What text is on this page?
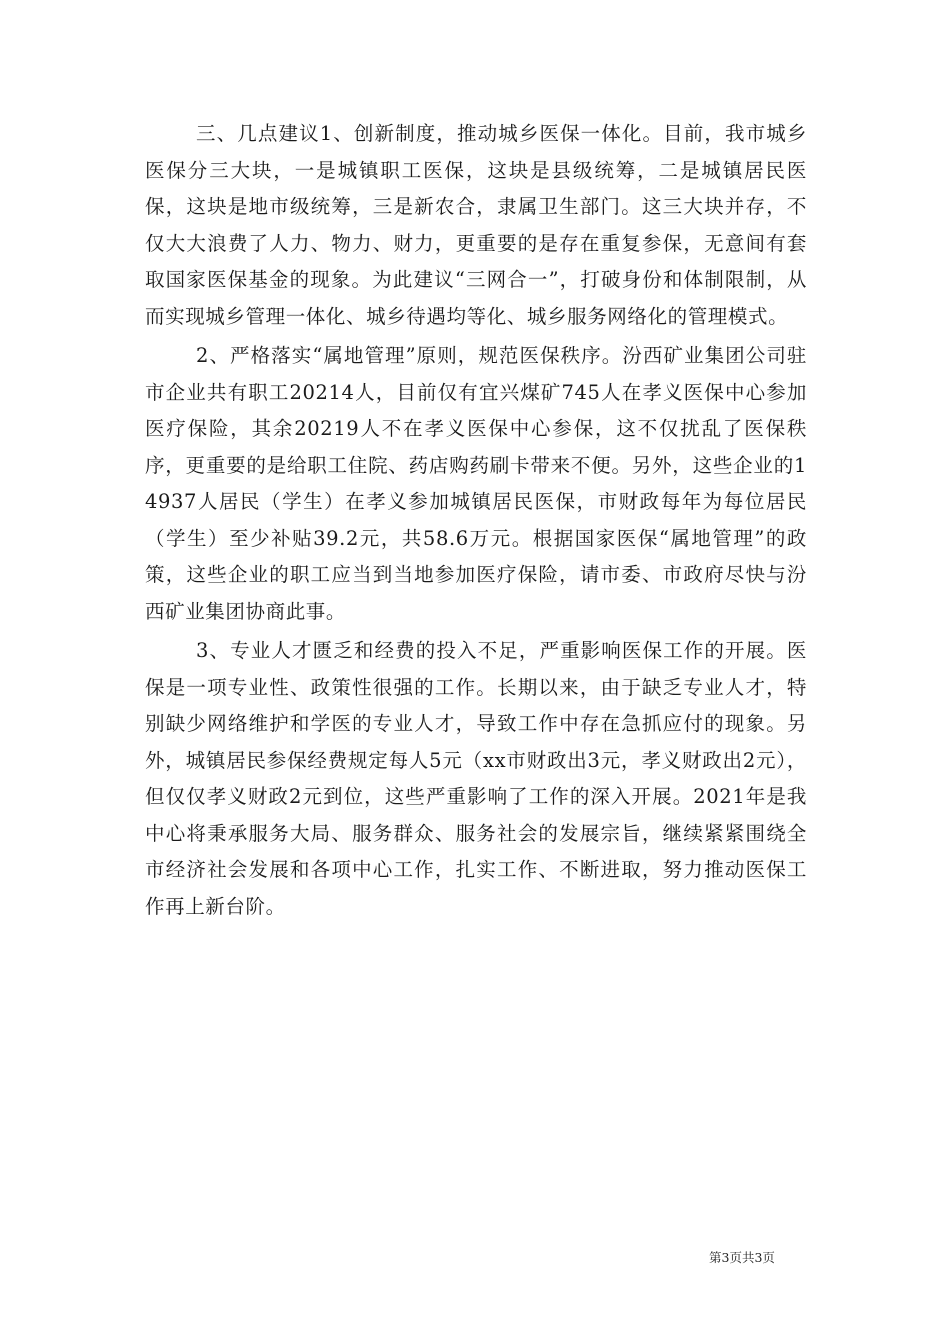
三、几点建议1、创新制度，推动城乡医保一体化。目前，我市城乡医保分三大块，一是城镇职工医保，这块是县级统筹，二是城镇居民医保，这块是地市级统筹，三是新农合，隶属卫生部门。这三大块并存，不仅大大浪费了人力、物力、财力，更重要的是存在重复参保，无意间有套取国家医保基金的现象。为此建议“三网合一”，打破身份和体制限制，从而实现城乡管理一体化、城乡待遇均等化、城乡服务网络化的管理模式。

2、严格落实“属地管理”原则，规范医保秩序。汾西矿业集团公司驻市企业共有职工20214人，目前仅有宜兴煤矿745人在孝义医保中心参加医疗保险，其余20219人不在孝义医保中心参保，这不仅扰乱了医保秩序，更重要的是给职工住院、药店购药刷卡带来不便。另外，这些企业的14937人居民（学生）在孝义参加城镇居民医保，市财政每年为每位居民（学生）至少补贴39.2元，共58.6万元。根据国家医保“属地管理”的政策，这些企业的职工应当到当地参加医疗保险，请市委、市政府尽快与汾西矿业集团协商此事。

3、专业人才匮乏和经费的投入不足，严重影响医保工作的开展。医保是一项专业性、政策性很强的工作。长期以来，由于缺乏专业人才，特别缺少网络维护和学医的专业人才，导致工作中存在急抓应付的现象。另外，城镇居民参保经费规定每人5元（xx市财政出3元，孝义财政出2元），但仅仅孝义财政2元到位，这些严重影响了工作的深入开展。2021年是我中心将秉承服务大局、服务群众、服务社会的发展宗旨，继续紧紧围绕全市经济社会发展和各项中心工作，扎实工作、不断进取，努力推动医保工作再上新台阶。

第3页共3页
